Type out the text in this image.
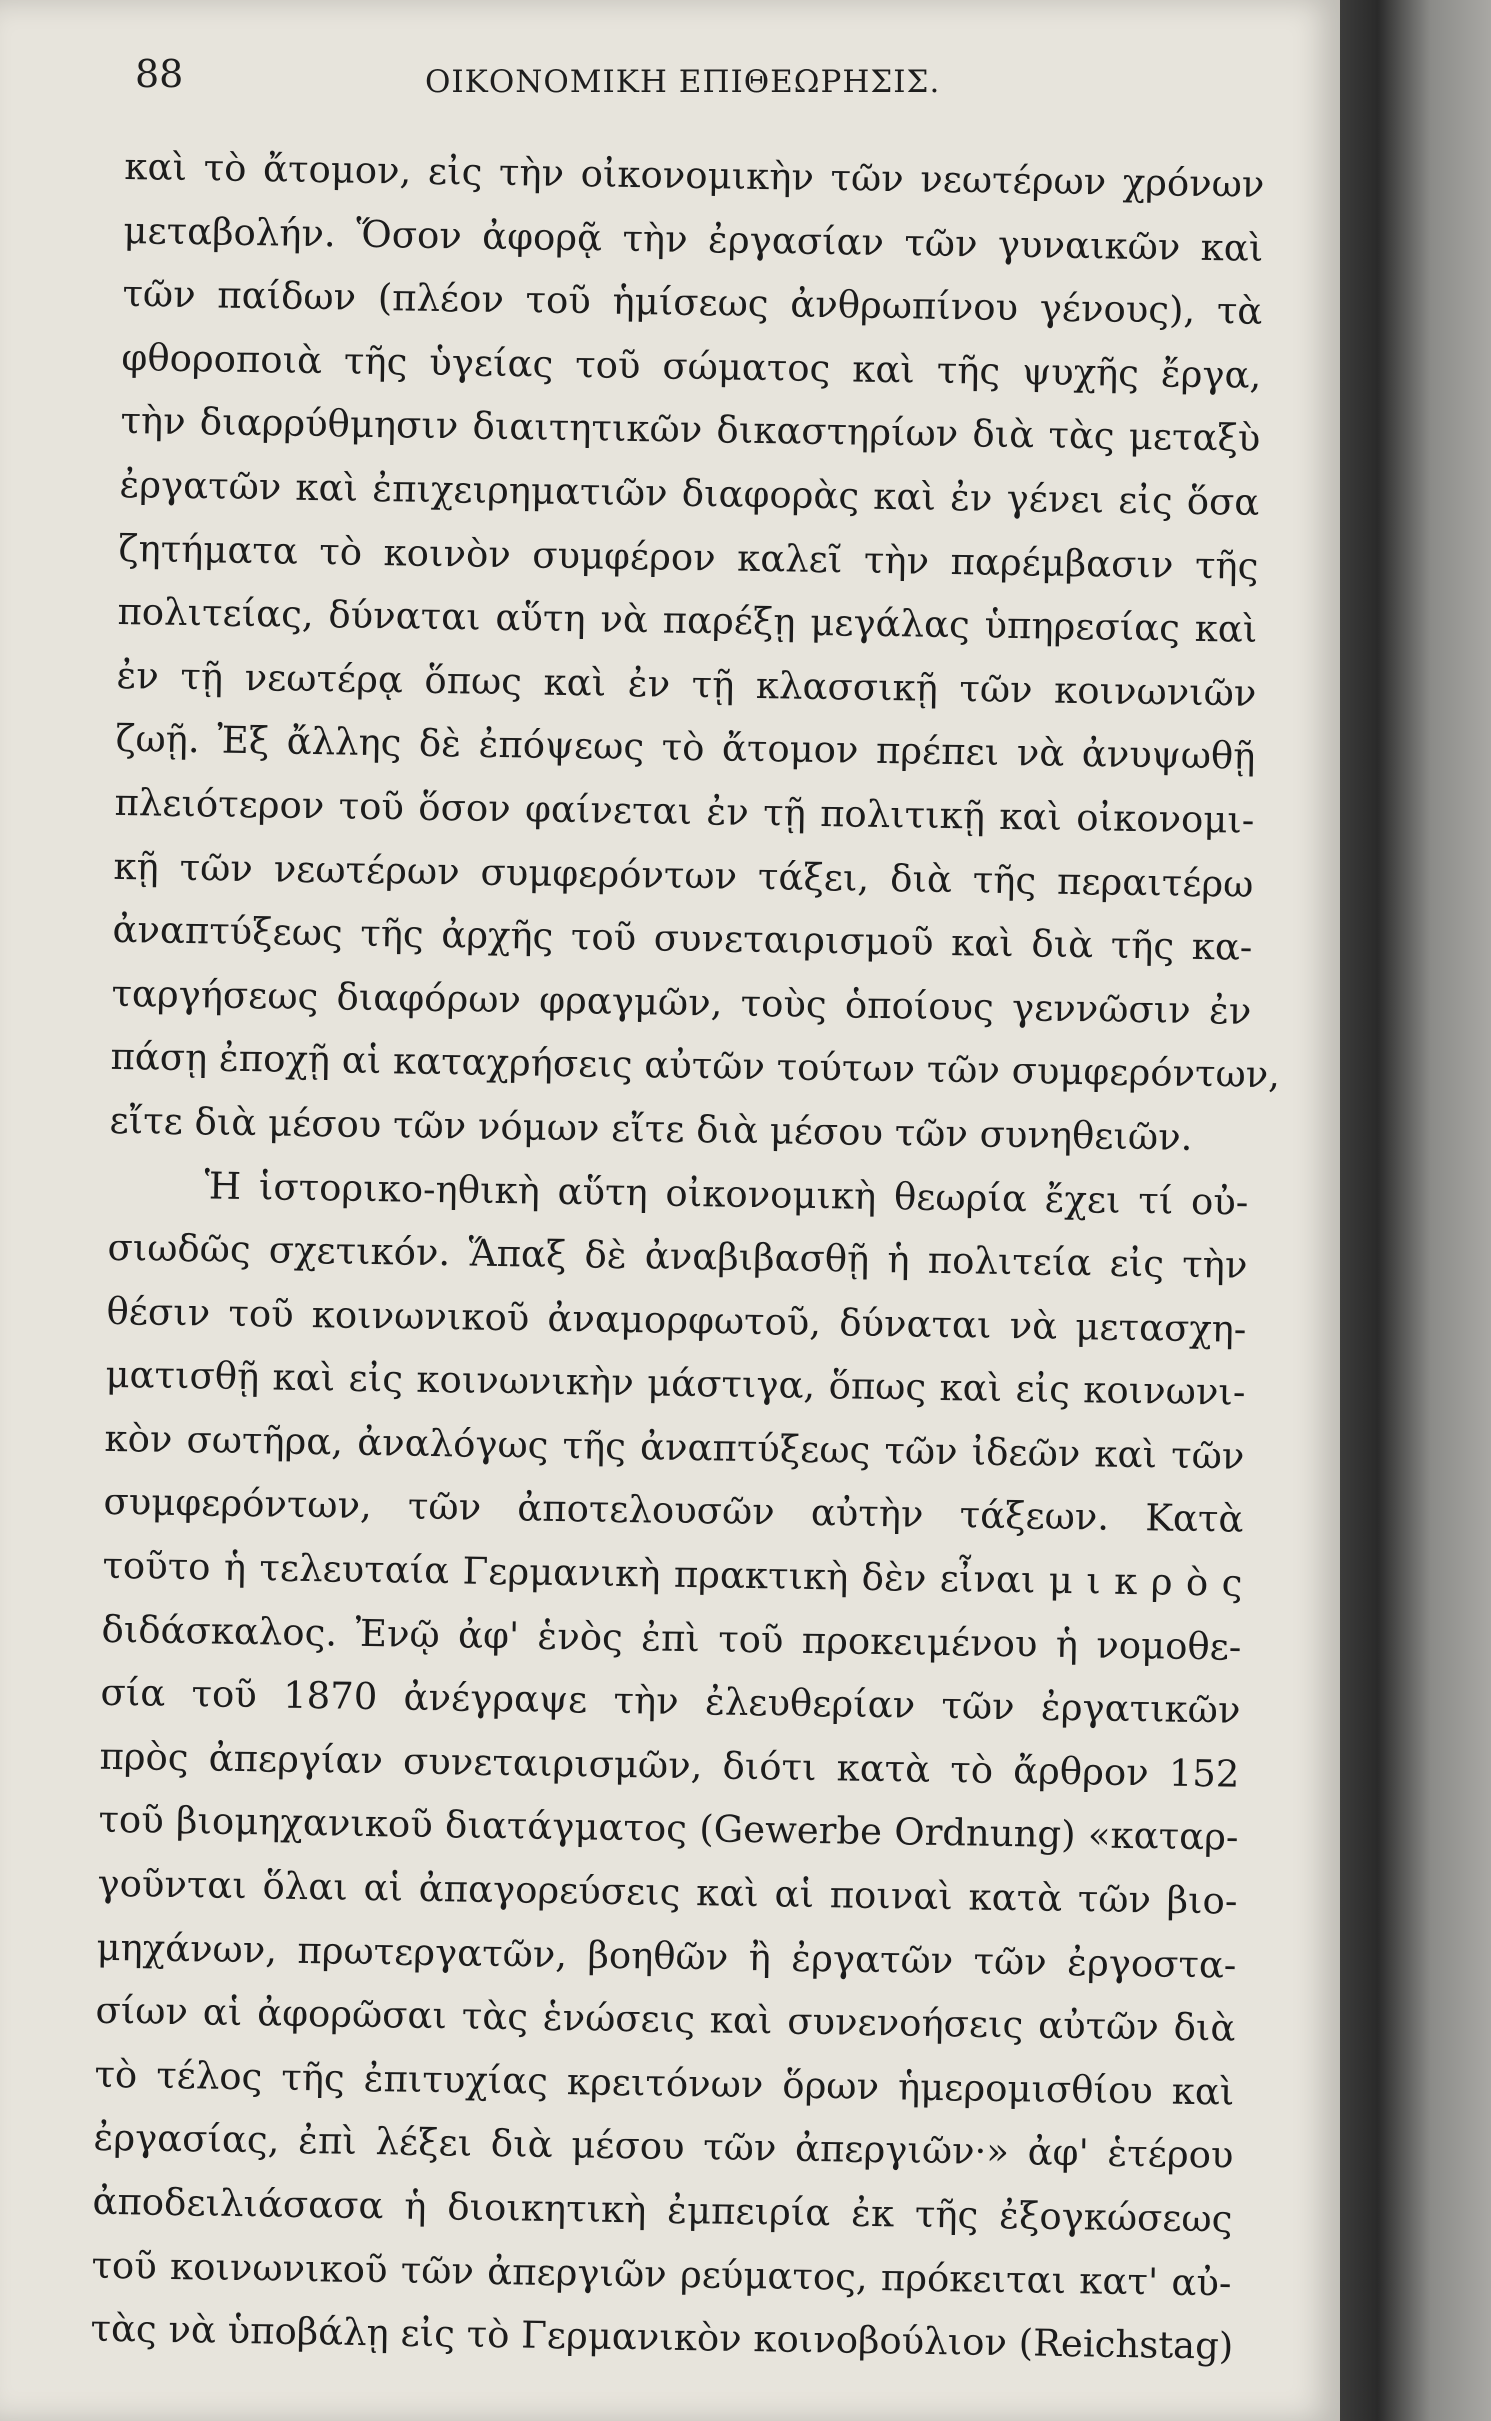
88	ΟΙΚΟΝΟΜΙΚΗ ΕΠΙΘΕΩΡΗΣΙΣ.
καὶ τὸ ἄτομον, εἰς τὴν οἰκονομικὴν τῶν νεωτέρων χρόνων
μεταβολήν. Ὅσον ἀφορᾷ τὴν ἐργασίαν τῶν γυναικῶν καὶ
τῶν παίδων (πλέον τοῦ ἡμίσεως ἀνθρωπίνου γένους), τὰ
φθοροποιὰ τῆς ὑγείας τοῦ σώματος καὶ τῆς ψυχῆς ἔργα,
τὴν διαρρύθμησιν διαιτητικῶν δικαστηρίων διὰ τὰς μεταξὺ
ἐργατῶν καὶ ἐπιχειρηματιῶν διαφορὰς καὶ ἐν γένει εἰς ὅσα
ζητήματα τὸ κοινὸν συμφέρον καλεῖ τὴν παρέμβασιν τῆς
πολιτείας, δύναται αὕτη νὰ παρέξῃ μεγάλας ὑπηρεσίας καὶ
ἐν τῇ νεωτέρᾳ ὅπως καὶ ἐν τῇ κλασσικῇ τῶν κοινωνιῶν
ζωῇ. Ἐξ ἄλλης δὲ ἐπόψεως τὸ ἄτομον πρέπει νὰ ἀνυψωθῇ
πλειότερον τοῦ ὅσον φαίνεται ἐν τῇ πολιτικῇ καὶ οἰκονομι-
κῇ τῶν νεωτέρων συμφερόντων τάξει, διὰ τῆς περαιτέρω
ἀναπτύξεως τῆς ἀρχῆς τοῦ συνεταιρισμοῦ καὶ διὰ τῆς κα-
ταργήσεως διαφόρων φραγμῶν, τοὺς ὁποίους γεννῶσιν ἐν
πάσῃ ἐποχῇ αἱ καταχρήσεις αὐτῶν τούτων τῶν συμφερόντων,
εἴτε διὰ μέσου τῶν νόμων εἴτε διὰ μέσου τῶν συνηθειῶν.
Ἡ ἱστορικο-ηθικὴ αὕτη οἰκονομικὴ θεωρία ἔχει τί οὐ-
σιωδῶς σχετικόν. Ἅπαξ δὲ ἀναβιβασθῇ ἡ πολιτεία εἰς τὴν
θέσιν τοῦ κοινωνικοῦ ἀναμορφωτοῦ, δύναται νὰ μετασχη-
ματισθῇ καὶ εἰς κοινωνικὴν μάστιγα, ὅπως καὶ εἰς κοινωνι-
κὸν σωτῆρα, ἀναλόγως τῆς ἀναπτύξεως τῶν ἰδεῶν καὶ τῶν
συμφερόντων, τῶν ἀποτελουσῶν αὐτὴν τάξεων. Κατὰ
τοῦτο ἡ τελευταία Γερμανικὴ πρακτικὴ δὲν εἶναι μ ι κ ρ ὸ ς
διδάσκαλος. Ἐνῷ ἀφ' ἑνὸς ἐπὶ τοῦ προκειμένου ἡ νομοθε-
σία τοῦ 1870 ἀνέγραψε τὴν ἐλευθερίαν τῶν ἐργατικῶν
πρὸς ἀπεργίαν συνεταιρισμῶν, διότι κατὰ τὸ ἄρθρον 152
τοῦ βιομηχανικοῦ διατάγματος (Gewerbe Ordnung) «καταρ-
γοῦνται ὅλαι αἱ ἀπαγορεύσεις καὶ αἱ ποιναὶ κατὰ τῶν βιο-
μηχάνων, πρωτεργατῶν, βοηθῶν ἢ ἐργατῶν τῶν ἐργοστα-
σίων αἱ ἀφορῶσαι τὰς ἑνώσεις καὶ συνενοήσεις αὐτῶν διὰ
τὸ τέλος τῆς ἐπιτυχίας κρειτόνων ὅρων ἡμερομισθίου καὶ
ἐργασίας, ἐπὶ λέξει διὰ μέσου τῶν ἀπεργιῶν·» ἀφ' ἑτέρου
ἀποδειλιάσασα ἡ διοικητικὴ ἐμπειρία ἐκ τῆς ἐξογκώσεως
τοῦ κοινωνικοῦ τῶν ἀπεργιῶν ρεύματος, πρόκειται κατ' αὐ-
τὰς νὰ ὑποβάλῃ εἰς τὸ Γερμανικὸν κοινοβούλιον (Reichstag)
